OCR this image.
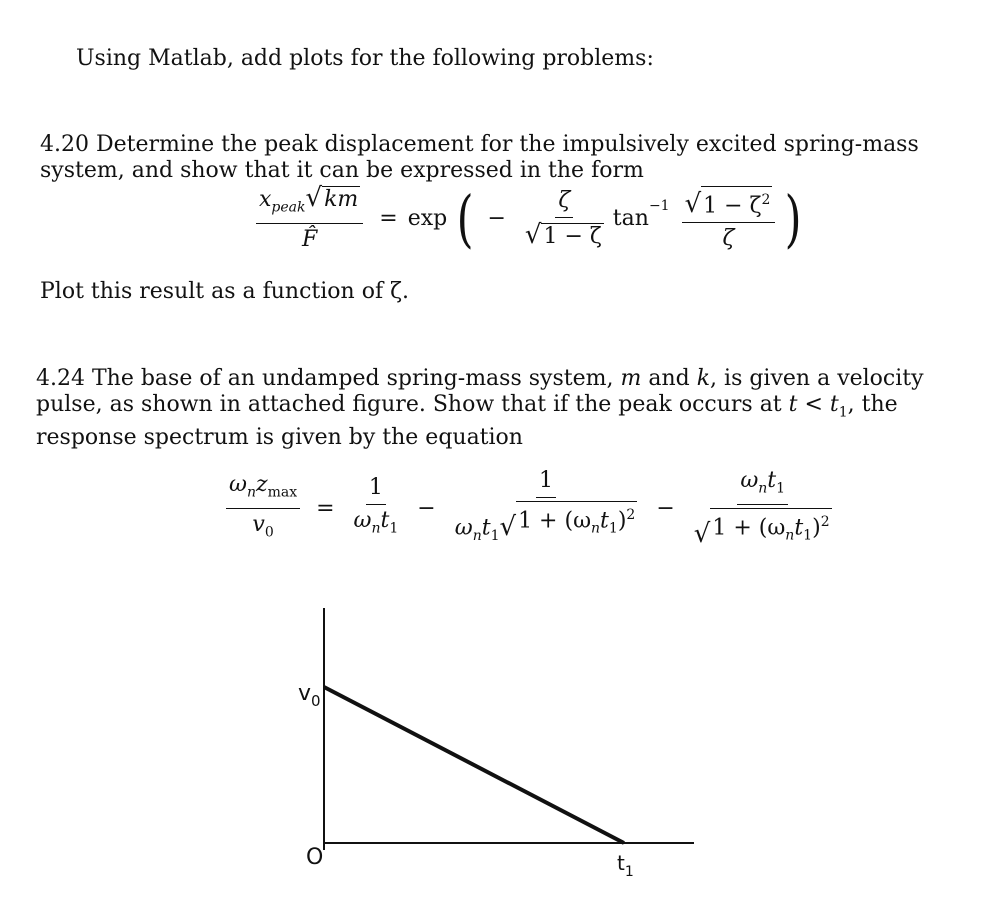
Using Matlab, add plots for the following problems:

4.20 Determine the peak displacement for the impulsively excited spring-mass system, and show that it can be expressed in the form

$\frac{x_{peak} √ km}{F̂} = \exp$ ( − $\frac{\zeta}{√ 1 - \zeta}$ tan
$^{-1} \frac{√ 1 - \zeta^2}{\zeta}$ )

Plot this result as a function of ζ.

4.24 The base of an undamped spring-mass system, m and k, is given a velocity pulse, as shown in attached figure. Show that if the peak occurs at $t < t_1$, the response spectrum is given by the equation

$\frac{\omega_nz_{max}}{v_0} = \frac{1}{\omega_nt_1} - \frac{1}{\omega_nt_1 √ 1 + (\omega_nt_1)^2} - \frac{\omega_nt_1}{√ 1 + (\omega_nt_1)^2}$
$v_0$
O	$t_1$
